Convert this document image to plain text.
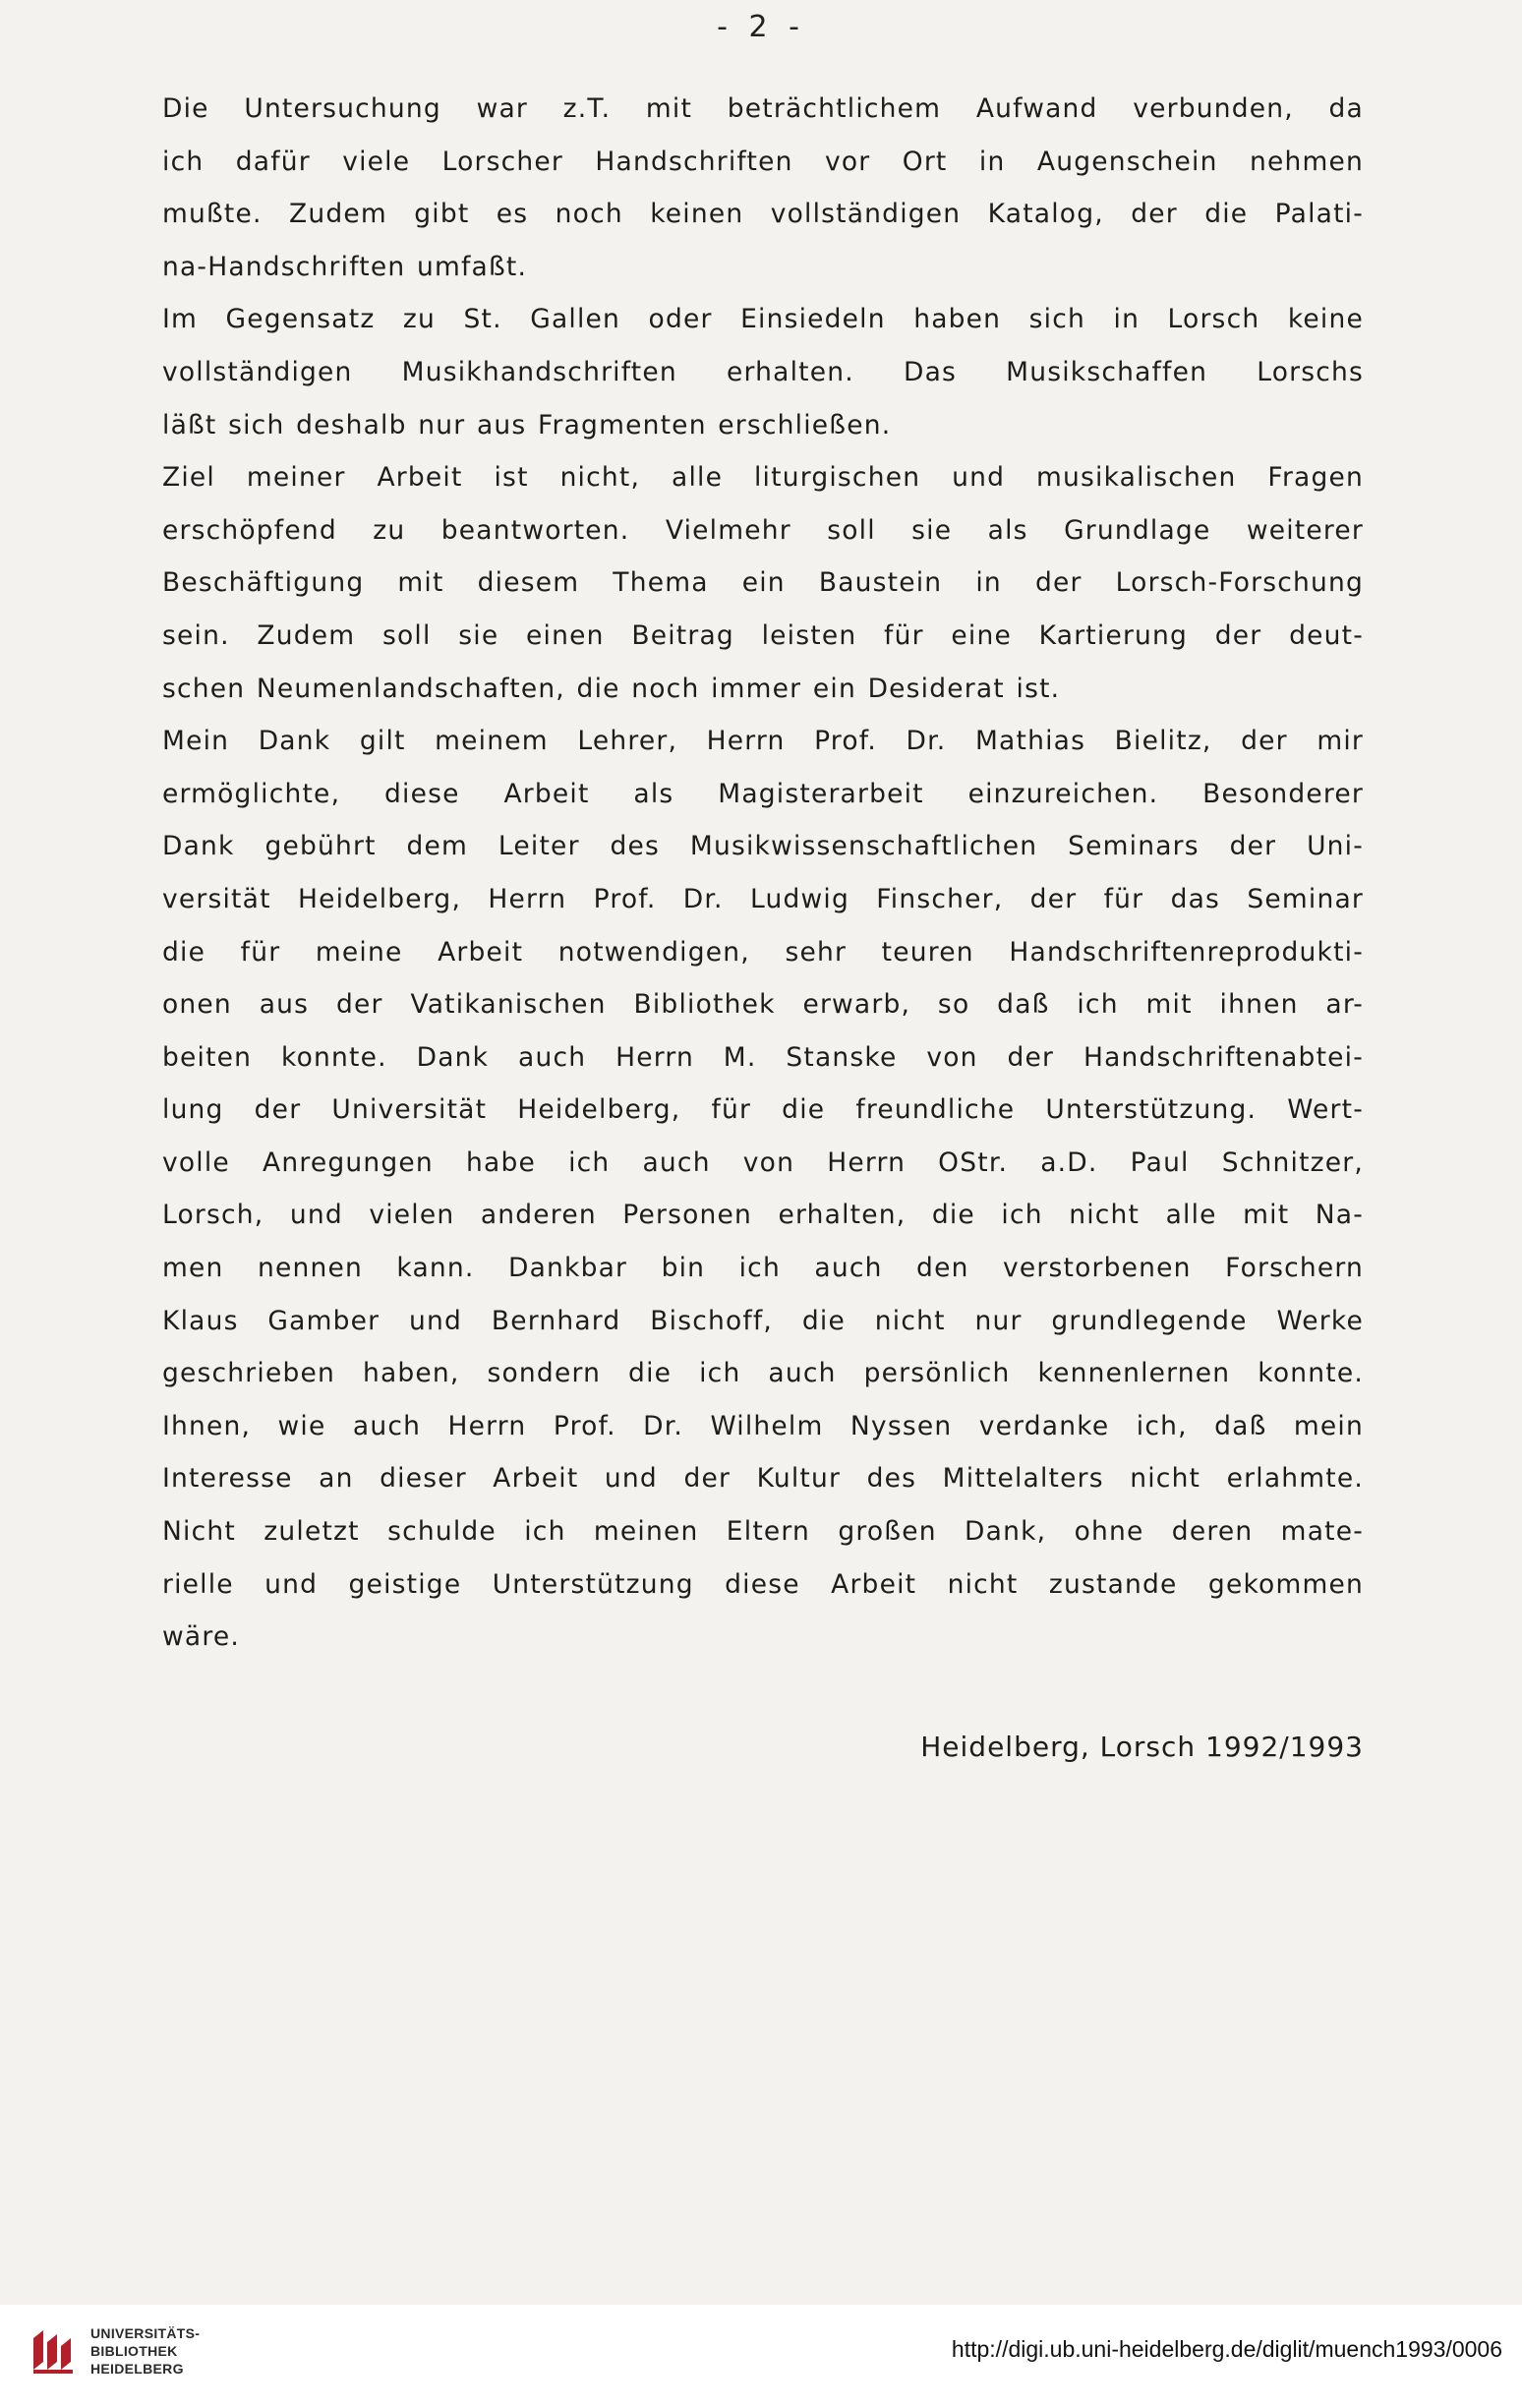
- 2 -
Die Untersuchung war z.T. mit beträchtlichem Aufwand verbunden, da
ich dafür viele Lorscher Handschriften vor Ort in Augenschein nehmen
mußte. Zudem gibt es noch keinen vollständigen Katalog, der die Palati-
na-Handschriften umfaßt.
Im Gegensatz zu St. Gallen oder Einsiedeln haben sich in Lorsch keine
vollständigen Musikhandschriften erhalten. Das Musikschaffen Lorschs
läßt sich deshalb nur aus Fragmenten erschließen.
Ziel meiner Arbeit ist nicht, alle liturgischen und musikalischen Fragen
erschöpfend zu beantworten. Vielmehr soll sie als Grundlage weiterer
Beschäftigung mit diesem Thema ein Baustein in der Lorsch-Forschung
sein. Zudem soll sie einen Beitrag leisten für eine Kartierung der deut-
schen Neumenlandschaften, die noch immer ein Desiderat ist.
Mein Dank gilt meinem Lehrer, Herrn Prof. Dr. Mathias Bielitz, der mir
ermöglichte, diese Arbeit als Magisterarbeit einzureichen. Besonderer
Dank gebührt dem Leiter des Musikwissenschaftlichen Seminars der Uni-
versität Heidelberg, Herrn Prof. Dr. Ludwig Finscher, der für das Seminar
die für meine Arbeit notwendigen, sehr teuren Handschriftenreprodukti-
onen aus der Vatikanischen Bibliothek erwarb, so daß ich mit ihnen ar-
beiten konnte. Dank auch Herrn M. Stanske von der Handschriftenabtei-
lung der Universität Heidelberg, für die freundliche Unterstützung. Wert-
volle Anregungen habe ich auch von Herrn OStr. a.D. Paul Schnitzer,
Lorsch, und vielen anderen Personen erhalten, die ich nicht alle mit Na-
men nennen kann. Dankbar bin ich auch den verstorbenen Forschern
Klaus Gamber und Bernhard Bischoff, die nicht nur grundlegende Werke
geschrieben haben, sondern die ich auch persönlich kennenlernen konnte.
Ihnen, wie auch Herrn Prof. Dr. Wilhelm Nyssen verdanke ich, daß mein
Interesse an dieser Arbeit und der Kultur des Mittelalters nicht erlahmte.
Nicht zuletzt schulde ich meinen Eltern großen Dank, ohne deren mate-
rielle und geistige Unterstützung diese Arbeit nicht zustande gekommen
wäre.
Heidelberg, Lorsch 1992/1993
UNIVERSITÄTS-
BIBLIOTHEK
HEIDELBERG
http://digi.ub.uni-heidelberg.de/diglit/muench1993/0006
